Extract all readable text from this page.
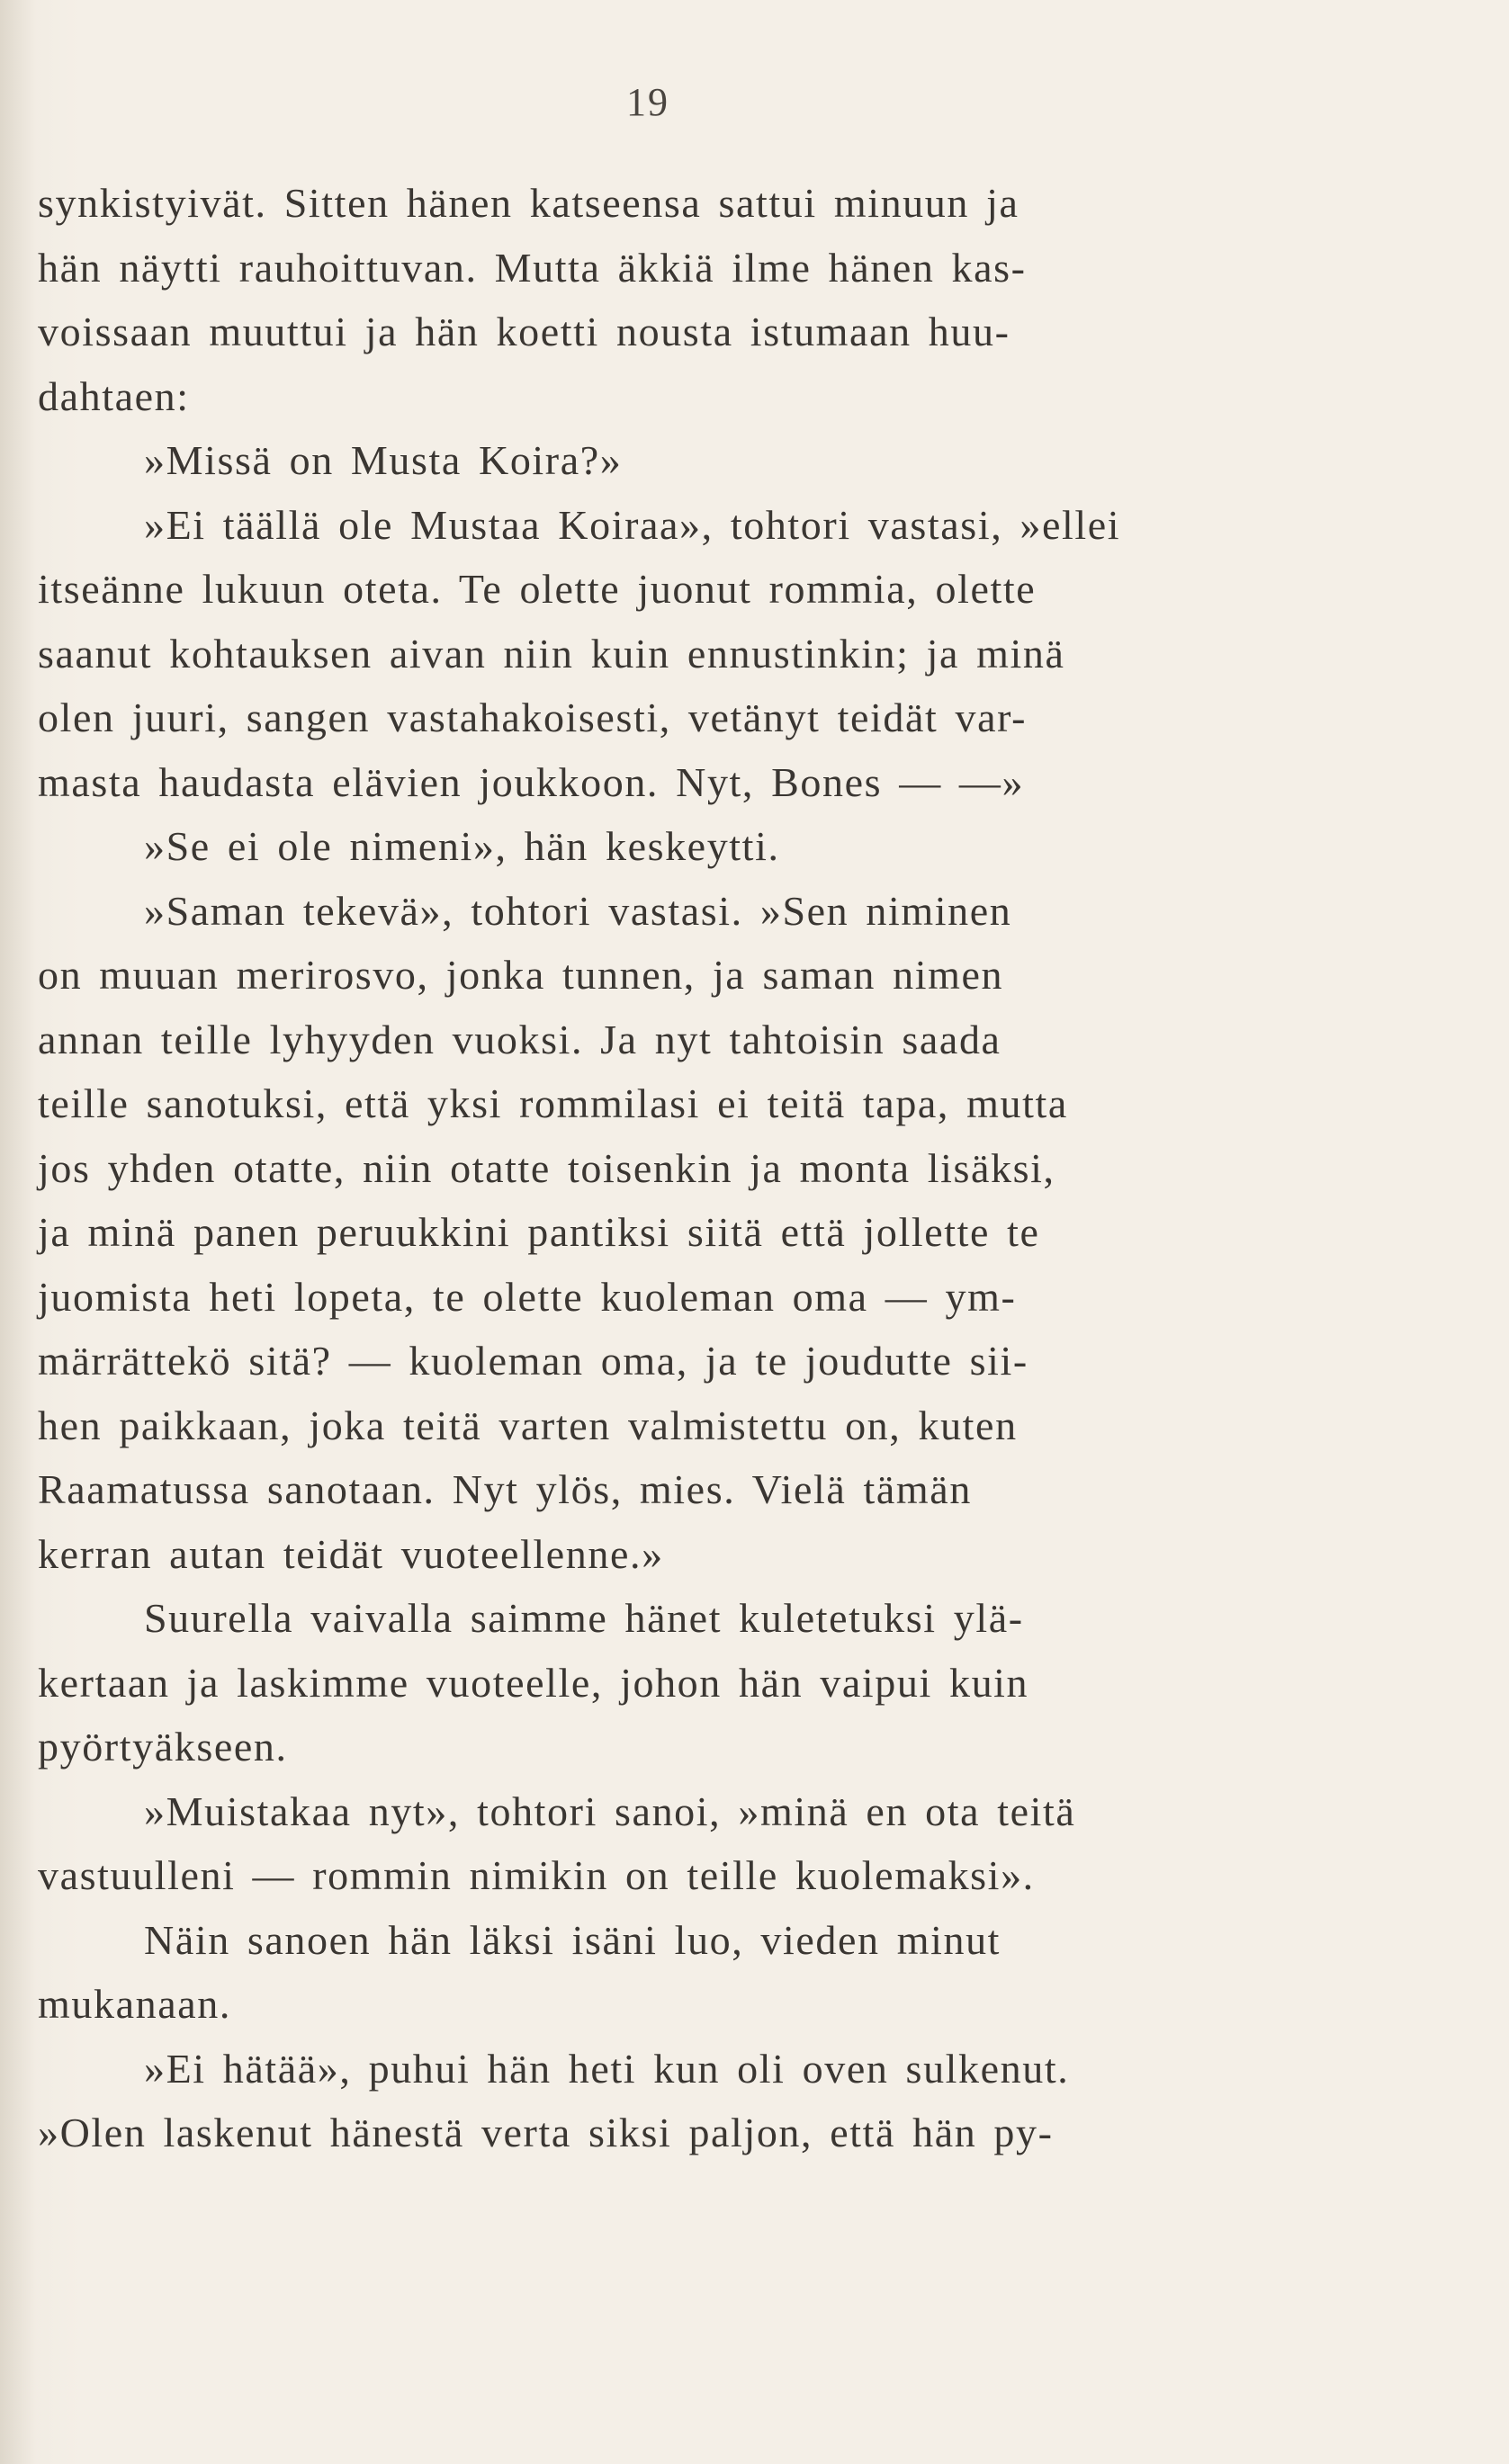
19
synkistyivät. Sitten hänen katseensa sattui minuun ja
hän näytti rauhoittuvan. Mutta äkkiä ilme hänen kas-
voissaan muuttui ja hän koetti nousta istumaan huu-
dahtaen:
»Missä on Musta Koira?»
»Ei täällä ole Mustaa Koiraa», tohtori vastasi, »ellei
itseänne lukuun oteta. Te olette juonut rommia, olette
saanut kohtauksen aivan niin kuin ennustinkin; ja minä
olen juuri, sangen vastahakoisesti, vetänyt teidät var-
masta haudasta elävien joukkoon. Nyt, Bones — —»
»Se ei ole nimeni», hän keskeytti.
»Saman tekevä», tohtori vastasi. »Sen niminen
on muuan merirosvo, jonka tunnen, ja saman nimen
annan teille lyhyyden vuoksi. Ja nyt tahtoisin saada
teille sanotuksi, että yksi rommilasi ei teitä tapa, mutta
jos yhden otatte, niin otatte toisenkin ja monta lisäksi,
ja minä panen peruukkini pantiksi siitä että jollette te
juomista heti lopeta, te olette kuoleman oma — ym-
märrättekö sitä? — kuoleman oma, ja te joudutte sii-
hen paikkaan, joka teitä varten valmistettu on, kuten
Raamatussa sanotaan. Nyt ylös, mies. Vielä tämän
kerran autan teidät vuoteellenne.»
Suurella vaivalla saimme hänet kuletetuksi ylä-
kertaan ja laskimme vuoteelle, johon hän vaipui kuin
pyörtyäkseen.
»Muistakaa nyt», tohtori sanoi, »minä en ota teitä
vastuulleni — rommin nimikin on teille kuolemaksi».
Näin sanoen hän läksi isäni luo, vieden minut
mukanaan.
»Ei hätää», puhui hän heti kun oli oven sulkenut.
»Olen laskenut hänestä verta siksi paljon, että hän py-
